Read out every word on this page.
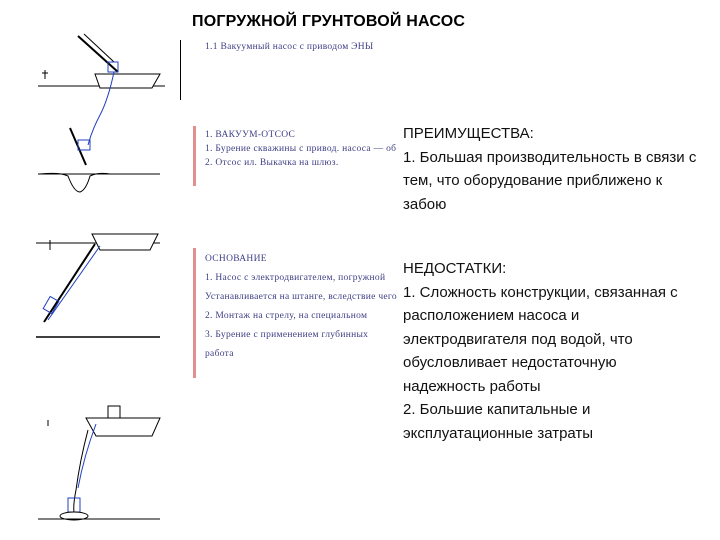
ПОГРУЖНОЙ ГРУНТОВОЙ НАСОС
1.1 Вакуумный насос с приводом ЭНЫ
1. ВАКУУМ-ОТСОС
1. Бурение скважины с привод. насоса — об
2. Отсос ил. Выкачка на шлюз.
ОСНОВАНИЕ
1. Насос с электродвигателем, погружной
Устанавливается на штанге, вследствие чего
2. Монтаж на стрелу, на специальном
3. Бурение с применением глубинных
работа
ПРЕИМУЩЕСТВА:
1. Большая производительность в связи с тем, что оборудование приближено к забою
НЕДОСТАТКИ:
1. Сложность конструкции, связанная с расположением насоса и электродвигателя под водой, что обусловливает недостаточную надежность работы
2. Большие капитальные и эксплуатационные затраты
